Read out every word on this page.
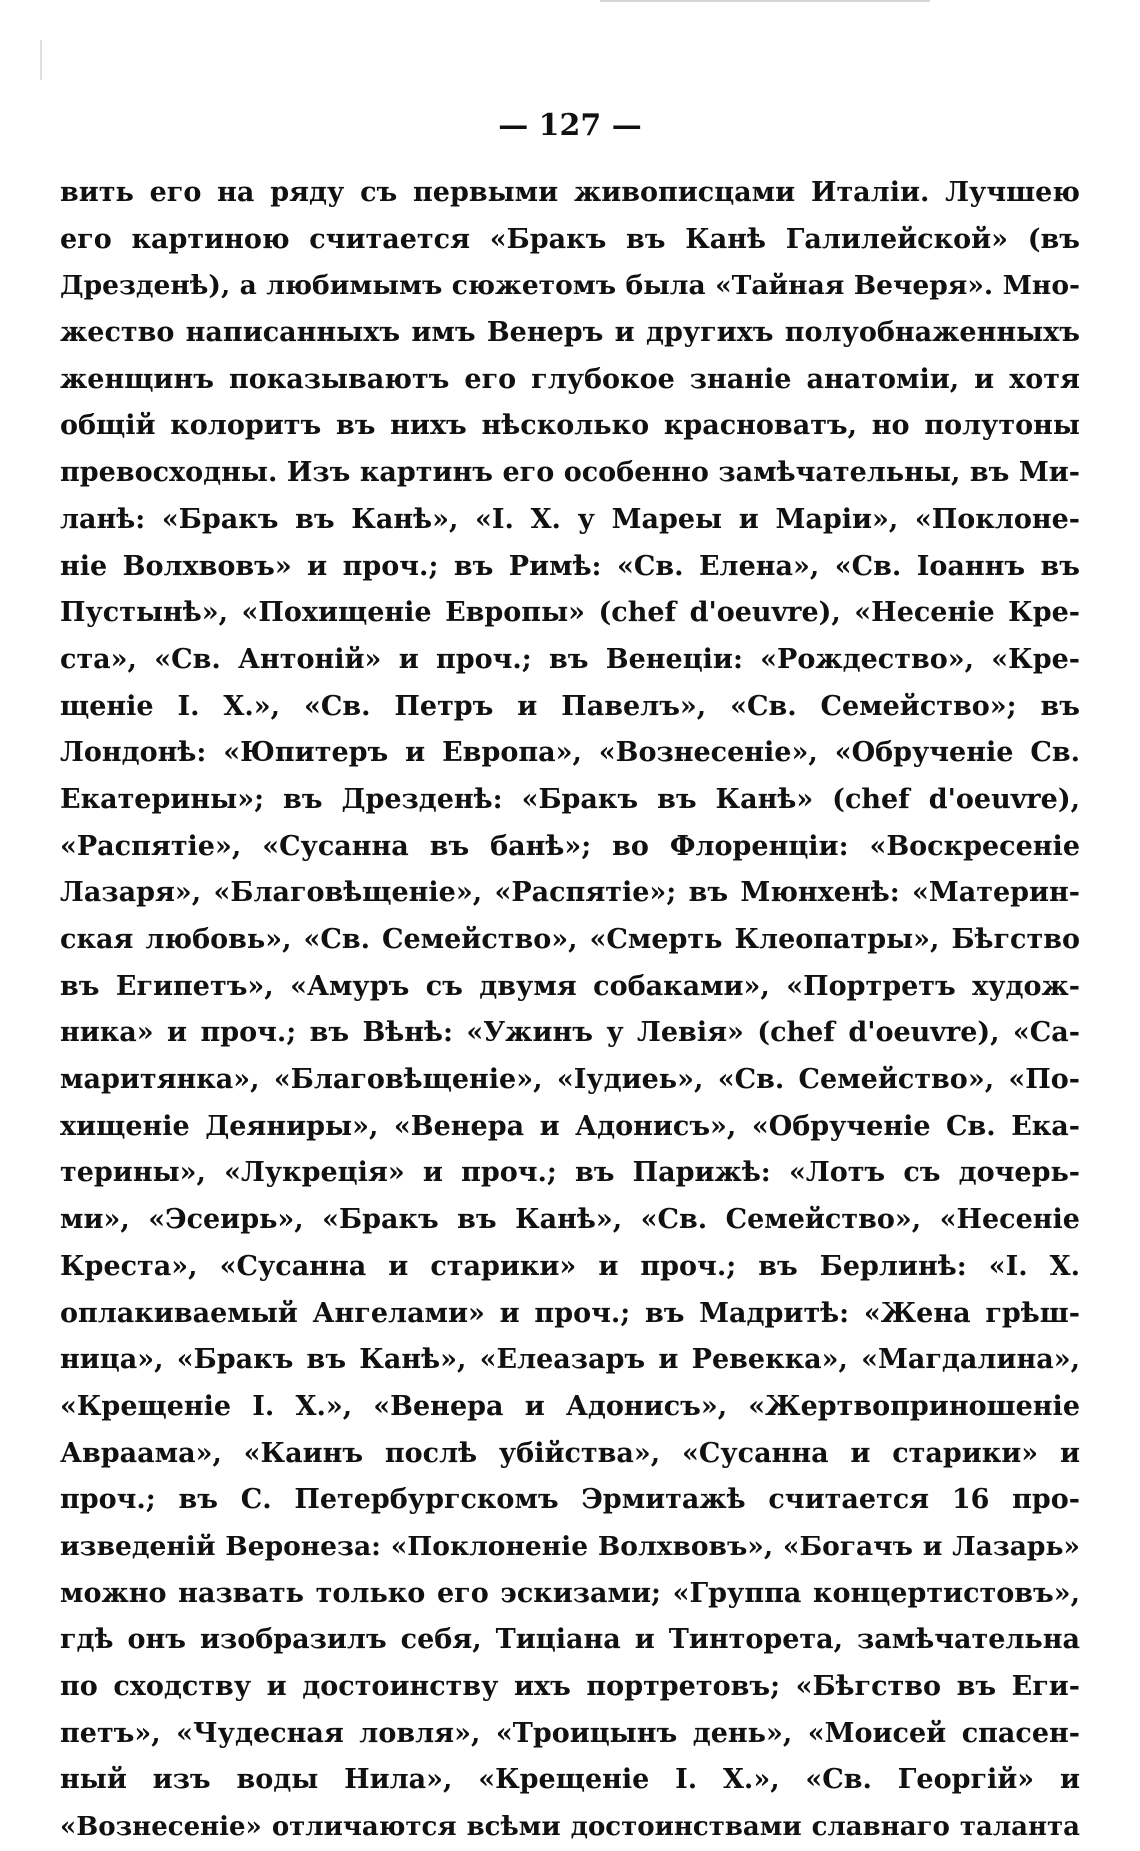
— 127 —
вить его на ряду съ первыми живописцами Италіи. Лучшею
его картиною считается «Бракъ въ Канѣ Галилейской» (въ
Дрезденѣ), а любимымъ сюжетомъ была «Тайная Вечеря». Мно-
жество написанныхъ имъ Венеръ и другихъ полуобнаженныхъ
женщинъ показываютъ его глубокое знаніе анатоміи, и хотя
общій колоритъ въ нихъ нѣсколько красноватъ, но полутоны
превосходны. Изъ картинъ его особенно замѣчательны, въ Ми-
ланѣ: «Бракъ въ Канѣ», «I. X. у Мареы и Маріи», «Поклоне-
ніе Волхвовъ» и проч.; въ Римѣ: «Св. Елена», «Св. Іоаннъ въ
Пустынѣ», «Похищеніе Европы» (chef d'oeuvre), «Несеніе Кре-
ста», «Св. Антоній» и проч.; въ Венеціи: «Рождество», «Кре-
щеніе I. X.», «Св. Петръ и Павелъ», «Св. Семейство»; въ
Лондонѣ: «Юпитеръ и Европа», «Вознесеніе», «Обрученіе Св.
Екатерины»; въ Дрезденѣ: «Бракъ въ Канѣ» (chef d'oeuvre),
«Распятіе», «Сусанна въ банѣ»; во Флоренціи: «Воскресеніе
Лазаря», «Благовѣщеніе», «Распятіе»; въ Мюнхенѣ: «Материн-
ская любовь», «Св. Семейство», «Смерть Клеопатры», Бѣгство
въ Египетъ», «Амуръ съ двумя собаками», «Портретъ худож-
ника» и проч.; въ Вѣнѣ: «Ужинъ у Левія» (chef d'oeuvre), «Са-
маритянка», «Благовѣщеніе», «Іудиеь», «Св. Семейство», «По-
хищеніе Деяниры», «Венера и Адонисъ», «Обрученіе Св. Ека-
терины», «Лукреція» и проч.; въ Парижѣ: «Лотъ съ дочерь-
ми», «Эсеирь», «Бракъ въ Канѣ», «Св. Семейство», «Несеніе
Креста», «Сусанна и старики» и проч.; въ Берлинѣ: «I. X.
оплакиваемый Ангелами» и проч.; въ Мадритѣ: «Жена грѣш-
ница», «Бракъ въ Канѣ», «Елеазаръ и Ревекка», «Магдалина»,
«Крещеніе I. X.», «Венера и Адонисъ», «Жертвоприношеніе
Авраама», «Каинъ послѣ убійства», «Сусанна и старики» и
проч.; въ С. Петербургскомъ Эрмитажѣ считается 16 про-
изведеній Веронеза: «Поклоненіе Волхвовъ», «Богачъ и Лазарь»
можно назвать только его эскизами; «Группа концертистовъ»,
гдѣ онъ изобразилъ себя, Тиціана и Тинторета, замѣчательна
по сходству и достоинству ихъ портретовъ; «Бѣгство въ Еги-
петъ», «Чудесная ловля», «Троицынъ день», «Моисей спасен-
ный изъ воды Нила», «Крещеніе I. X.», «Св. Георгій» и
«Вознесеніе» отличаются всѣми достоинствами славнаго таланта
